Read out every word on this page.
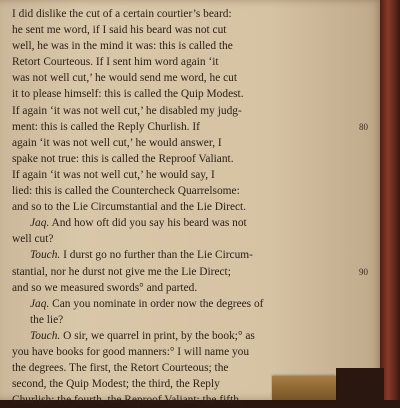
I did dislike the cut of a certain courtier’s beard:
he sent me word, if I said his beard was not cut
well, he was in the mind it was: this is called the
Retort Courteous. If I sent him word again ‘it
was not well cut,’ he would send me word, he cut
it to please himself: this is called the Quip Modest.
If again ‘it was not well cut,’ he disabled my judg-
ment: this is called the Reply Churlish. If	80
again ‘it was not well cut,’ he would answer, I
spake not true: this is called the Reproof Valiant.
If again ‘it was not well cut,’ he would say, I
lied: this is called the Countercheck Quarrelsome:
and so to the Lie Circumstantial and the Lie Direct.
Jaq. And how oft did you say his beard was not
well cut?
Touch. I durst go no further than the Lie Circum-
stantial, nor he durst not give me the Lie Direct;	90
and so we measured swords° and parted.
Jaq. Can you nominate in order now the degrees of
the lie?
Touch. O sir, we quarrel in print, by the book;° as
you have books for good manners:° I will name you
the degrees. The first, the Retort Courteous; the
second, the Quip Modest; the third, the Reply
Churlish; the fourth, the Reproof Valiant; the fifth,
